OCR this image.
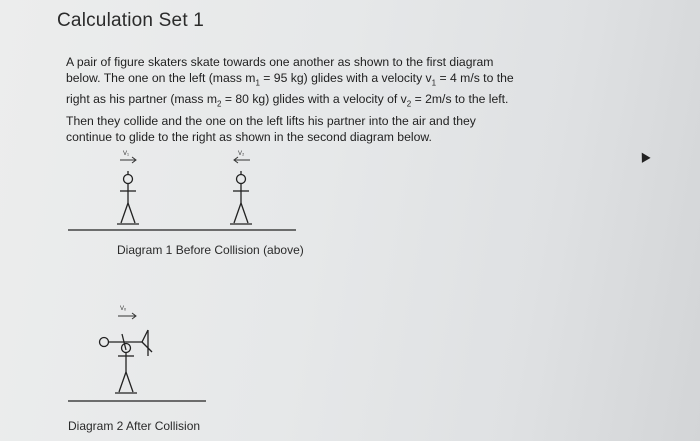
Calculation Set 1

A pair of figure skaters skate towards one another as shown to the first diagram

below. The one on the left (mass $m_1 = 95$ kg) glides with a velocity $v_1 = 4$ m/s to the

right as his partner (mass $m_2 = 80$ kg) glides with a velocity of $v_2 = 2m/s$ to the left.

Then they collide and the one on the left lifts his partner into the air and they

continue to glide to the right as shown in the second diagram below.

V₁	V₂
Diagram 1 Before Collision (above)
Vₓ
Diagram 2 After Collision
